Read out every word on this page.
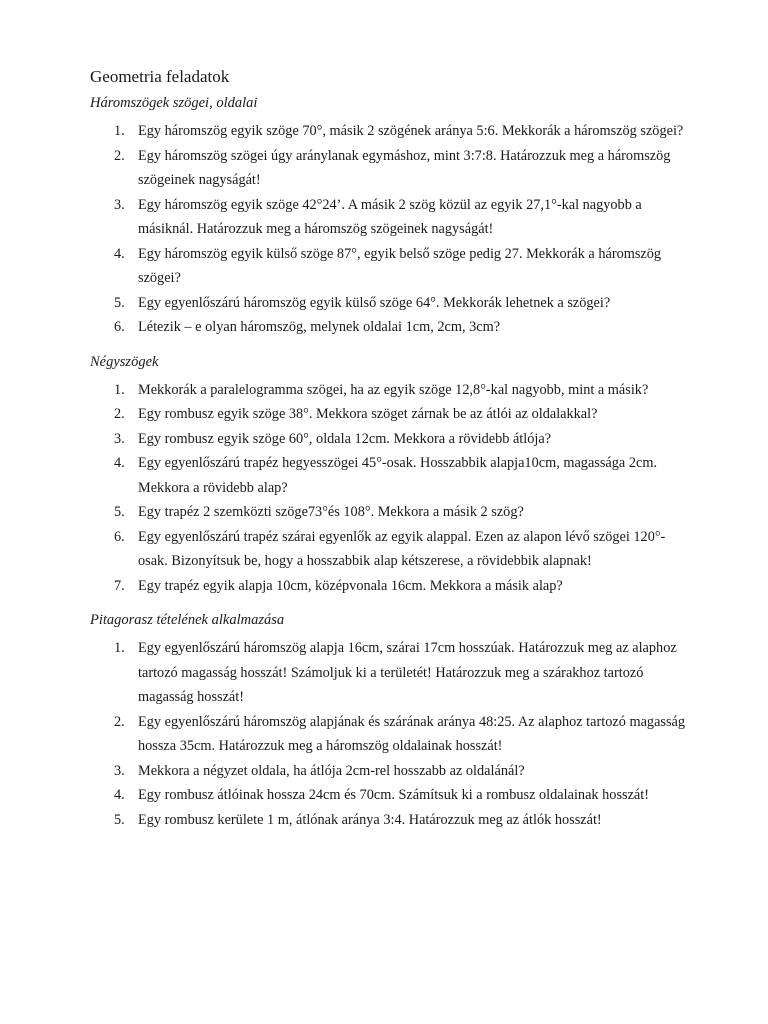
Geometria feladatok
Háromszögek szögei, oldalai
1. Egy háromszög egyik szöge 70°, másik 2 szögének aránya 5:6. Mekkorák a háromszög szögei?
2. Egy háromszög szögei úgy aránylanak egymáshoz, mint 3:7:8. Határozzuk meg a háromszög szögeinek nagyságát!
3. Egy háromszög egyik szöge 42°24’. A másik 2 szög közül az egyik 27,1°-kal nagyobb a másiknál. Határozzuk meg a háromszög szögeinek nagyságát!
4. Egy háromszög egyik külső szöge 87°, egyik belső szöge pedig 27. Mekkorák a háromszög szögei?
5. Egy egyenlőszárú háromszög egyik külső szöge 64°. Mekkorák lehetnek a szögei?
6. Létezik – e olyan háromszög, melynek oldalai 1cm, 2cm, 3cm?
Négyszögek
1. Mekkorák a paralelogramma szögei, ha az egyik szöge 12,8°-kal nagyobb, mint a másik?
2. Egy rombusz egyik szöge 38°. Mekkora szöget zárnak be az átlói az oldalakkal?
3. Egy rombusz egyik szöge 60°, oldala 12cm. Mekkora a rövidebb átlója?
4. Egy egyenlőszárú trapéz hegyesszögei 45°-osak. Hosszabbik alapja10cm, magassága 2cm. Mekkora a rövidebb alap?
5. Egy trapéz 2 szemközti szöge73°és 108°. Mekkora a másik 2 szög?
6. Egy egyenlőszárú trapéz szárai egyenlők az egyik alappal. Ezen az alapon lévő szögei 120°-osak. Bizonyítsuk be, hogy a hosszabbik alap kétszerese, a rövidebbik alapnak!
7. Egy trapéz egyik alapja 10cm, középvonala 16cm. Mekkora a másik alap?
Pitagorasz tételének alkalmazása
1. Egy egyenlőszárú háromszög alapja 16cm, szárai 17cm hosszúak. Határozzuk meg az alaphoz tartozó magasság hosszát! Számoljuk ki a területét! Határozzuk meg a szárakhoz tartozó magasság hosszát!
2. Egy egyenlőszárú háromszög alapjának és szárának aránya 48:25. Az alaphoz tartozó magasság hossza 35cm. Határozzuk meg a háromszög oldalainak hosszát!
3. Mekkora a négyzet oldala, ha átlója 2cm-rel hosszabb az oldalánál?
4. Egy rombusz átlóinak hossza 24cm és 70cm. Számítsuk ki a rombusz oldalainak hosszát!
5. Egy rombusz kerülete 1 m, átlónak aránya 3:4. Határozzuk meg az átlók hosszát!
